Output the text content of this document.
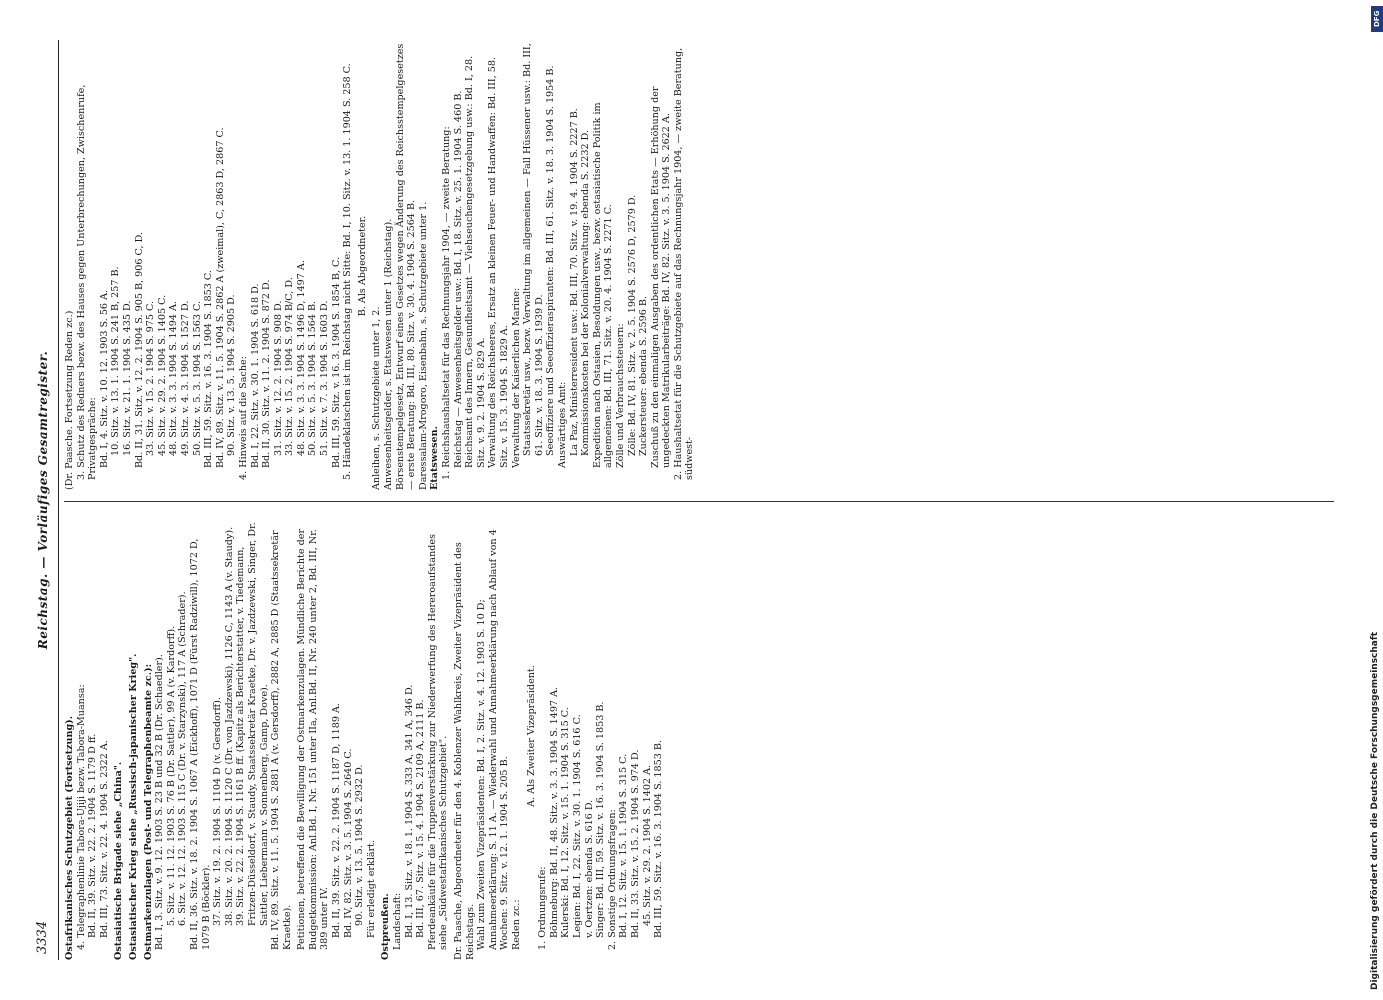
3334
Reichstag. — Vorläufiges Gesamtregister.

Ostafrikanisches Schutzgebiet (Fortsetzung). 4. Telegraphenlinie Tabora-Ujiji bezw. Tabora-Muansa: Bd. II, 39. Sitz. v. 22. 2. 1904 S. 1179 D ff. Bd. III, 73. Sitz. v. 22. 4. 1904 S. 2322 A. Ostasiatische Brigade siehe „China". Ostasiatischer Krieg siehe „Russisch-japanischer Krieg". Ostmarkenzulagen (Post- und Telegraphenbeamte zc.): Bd. I, 3. Sitz. v. 9. 12. 1903 S. 23 B und 32 B (Dr. Schaedler). 5. Sitz. v. 11. 12. 1903 S. 76 B (Dr. Sattler), 99 A (v. Kardorff). 6. Sitz. v. 12. 12. 1903 S. 115 C (Dr. v. Starzynski), 117 A (Schrader). Bd. II, 36. Sitz. v. 18. 2. 1904 S. 1067 A (Eickhoff), 1071 D (Fürst Radziwill), 1072 D, 1079 B (Böckler). 37. Sitz. v. 19. 2. 1904 S. 1104 D (v. Gersdorff). 38. Sitz. v. 20. 2. 1904 S. 1120 C (Dr. von Jazdzewski), 1126 C, 1143 A (v. Staudy). 39. Sitz. v. 22. 2. 1904 S. 1161 B ff. (Kapitz als Berichterstatter, v. Tiedemann, Fritzen-Düsseldorf, v. Staudy, Staatssekretär Kraetke, Dr. v. Jazdzewski, Singer, Dr. Sattler, Liebermann v. Sonnenberg, Gamp, Dove). Bd. IV, 89. Sitz. v. 11. 5. 1904 S. 2881 A (v. Gersdorff), 2882 A, 2885 D (Staatssekretär Kraetke). Petitionen, betreffend die Bewilligung der Ostmarkenzulagen. Mündliche Berichte der Budgetkommission: Anl.Bd. I, Nr. 151 unter IIa, Anl.Bd. II, Nr. 240 unter 2, Bd. III, Nr. 389 unter IV. Bd. II, 39. Sitz. v. 22. 2. 1904 S. 1187 D, 1189 A. Bd. IV, 82. Sitz. v. 3. 5. 1904 S. 2640 C. 90. Sitz. v. 13. 5. 1904 S. 2932 D. Für erledigt erklärt. Ostpreußen. Landschaft: Bd. I, 13. Sitz. v. 18. 1. 1904 S. 333 A, 341 A, 346 D. Bd. III, 67. Sitz. v. 15. 4. 1904 S. 2109 A, 2111 B. Pferdeankäufe für die Truppenverstärkung zur Niederwerfung des Hereroaufstandes siehe „Südwestafrikanisches Schutzgebiet". Dr. Paasche, Abgeordneter für den 4. Koblenzer Wahlkreis, Zweiter Vizepräsident des Reichstags. Wahl zum Zweiten Vizepräsidenten: Bd. I, 2. Sitz. v. 4. 12. 1903 S. 10 D; Annahmeerklärung: S. 11 A. — Wiederwahl und Annahmeerklärung nach Ablauf von 4 Wochen: 9. Sitz. v. 12. 1. 1904 S. 205 B. Reden zc.:

A. Als Zweiter Vizepräsident.

1. Ordnungsrufe: Böhmeburg: Bd. II, 48. Sitz. v. 3. 3. 1904 S. 1497 A. Kulerski: Bd. I, 12. Sitz. v. 15. 1. 1904 S. 315 C. Legien: Bd. I, 22. Sitz. v. 30. 1. 1904 S. 616 C. v. Oertzen: ebenda S. 616 D. Singer: Bd. III, 59. Sitz. v. 16. 3. 1904 S. 1853 B. 2. Sonstige Ordnungsfragen: Bd. I, 12. Sitz. v. 15. 1. 1904 S. 315 C. Bd. II, 33. Sitz. v. 15. 2. 1904 S. 974 D. 45. Sitz. v. 29. 2. 1904 S. 1402 A. Bd. III, 59. Sitz. v. 16. 3. 1904 S. 1853 B.

(Dr. Paasche. Fortsetzung Reden zc.) 3. Schutz des Redners bezw. des Hauses gegen Unterbrechungen, Zwischenrufe, Privatgespräche: Bd. I, 4. Sitz. v. 10. 12. 1903 S. 56 A. 10. Sitz. v. 13. 1. 1904 S. 241 B, 257 B. 16. Sitz. v. 21. 1. 1904 S. 435 D. Bd. II, 31. Sitz. v. 12. 2. 1904 S. 905 B, 906 C, D. 33. Sitz. v. 15. 2. 1904 S. 975 C. 45. Sitz. v. 29. 2. 1904 S. 1405 C. 48. Sitz. v. 3. 3. 1904 S. 1494 A. 49. Sitz. v. 4. 3. 1904 S. 1527 D. 50. Sitz. v. 5. 3. 1904 S. 1563 C. Bd. III, 59. Sitz. v. 16. 3. 1904 S. 1853 C. Bd. IV, 89. Sitz. v. 11. 5. 1904 S. 2862 A (zweimal), C, 2863 D, 2867 C. 90. Sitz. v. 13. 5. 1904 S. 2905 D. 4. Hinweis auf die Sache: Bd. I, 22. Sitz. v. 30. 1. 1904 S. 618 D. Bd. II, 30. Sitz. v. 11. 2. 1904 S. 872 D. 31. Sitz. v. 12. 2. 1904 S. 908 D. 33. Sitz. v. 15. 2. 1904 S. 974 B/C, D. 48. Sitz. v. 3. 3. 1904 S. 1496 D, 1497 A. 50. Sitz. v. 5. 3. 1904 S. 1564 B. 51. Sitz. v. 7. 3. 1904 S. 1603 D. Bd. III, 59. Sitz. v. 16. 3. 1904 S. 1854 B, C. 5. Händeklatschen ist im Reichstag nicht Sitte: Bd. I, 10. Sitz. v. 13. 1. 1904 S. 258 C. B. Als Abgeordneter.

Anleihen, s. Schutzgebiete unter 1, 2. Anwesenheitsgelder, s. Etatswesen unter 1 (Reichstag). Börsenstempelgesetz, Entwurf eines Gesetzes wegen Änderung des Reichsstempelgesetzes — erste Beratung: Bd. III, 80. Sitz. v. 30. 4. 1904 S. 2564 B. Daressalam-Mrogoro, Eisenbahn, s. Schutzgebiete unter 1. Etatswesen. 1. Reichshaushaltsetat für das Rechnungsjahr 1904, — zweite Beratung: Reichstag — Anwesenheitsgelder usw.: Bd. I, 18. Sitz. v. 25. 1. 1904 S. 460 B. Reichsamt des Innern, Gesundheitsamt — Viehseuchengesetzgebung usw.: Bd. I, 28. Sitz. v. 9. 2. 1904 S. 829 A. Verwaltung des Reichsheeres, Ersatz an kleinen Feuer- und Handwaffen: Bd. III, 58. Sitz. v. 15. 3. 1904 S. 1829 A. Verwaltung der Kaiserlichen Marine: Staatssekretär usw., bezw. Verwaltung im allgemeinen — Fall Hüssener usw.: Bd. III, 61. Sitz. v. 18. 3. 1904 S. 1939 D. Seeoffiziere und Seeoffizieraspiranten: Bd. III, 61. Sitz. v. 18. 3. 1904 S. 1954 B. Auswärtiges Amt: La Paz, Ministerresident usw.: Bd. III, 70. Sitz. v. 19. 4. 1904 S. 2227 B. Kommissionskosten bei der Kolonialverwaltung: ebenda S. 2232 D. Expedition nach Ostasien, Besoldungen usw., bezw. ostasiatische Politik im allgemeinen: Bd. III, 71. Sitz. v. 20. 4. 1904 S. 2271 C. Zölle und Verbrauchssteuern: Zölle: Bd. IV, 81. Sitz. v. 2. 5. 1904 S. 2576 D, 2579 D. Zuckersteuer: ebenda S. 2596 B. Zuschuß zu den einmaligen Ausgaben des ordentlichen Etats — Erhöhung der ungedeckten Matrikularbeiträge: Bd. IV, 82. Sitz. v. 3. 5. 1904 S. 2622 A. 2. Haushaltsetat für die Schutzgebiete auf das Rechnungsjahr 1904, — zweite Beratung, südwest-

DFG
Digitalisierung gefördert durch die Deutsche Forschungsgemeinschaft
